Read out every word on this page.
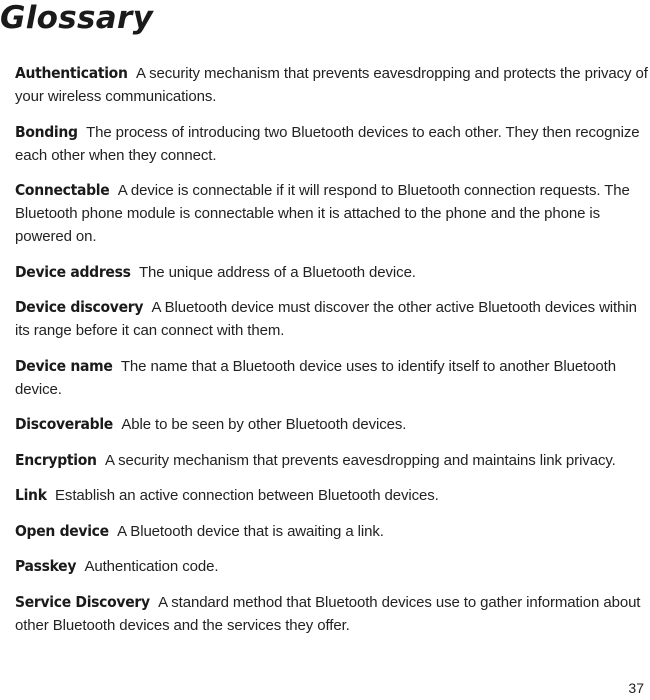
Glossary

Authentication A security mechanism that prevents eavesdropping and protects the privacy of your wireless communications.

Bonding The process of introducing two Bluetooth devices to each other. They then recognize each other when they connect.

Connectable A device is connectable if it will respond to Bluetooth connection requests. The Bluetooth phone module is connectable when it is attached to the phone and the phone is powered on.

Device address The unique address of a Bluetooth device.

Device discovery A Bluetooth device must discover the other active Bluetooth devices within its range before it can connect with them.

Device name The name that a Bluetooth device uses to identify itself to another Bluetooth device.

Discoverable Able to be seen by other Bluetooth devices.

Encryption A security mechanism that prevents eavesdropping and maintains link privacy.

Link Establish an active connection between Bluetooth devices.

Open device A Bluetooth device that is awaiting a link.

Passkey Authentication code.

Service Discovery A standard method that Bluetooth devices use to gather information about other Bluetooth devices and the services they offer.

37
